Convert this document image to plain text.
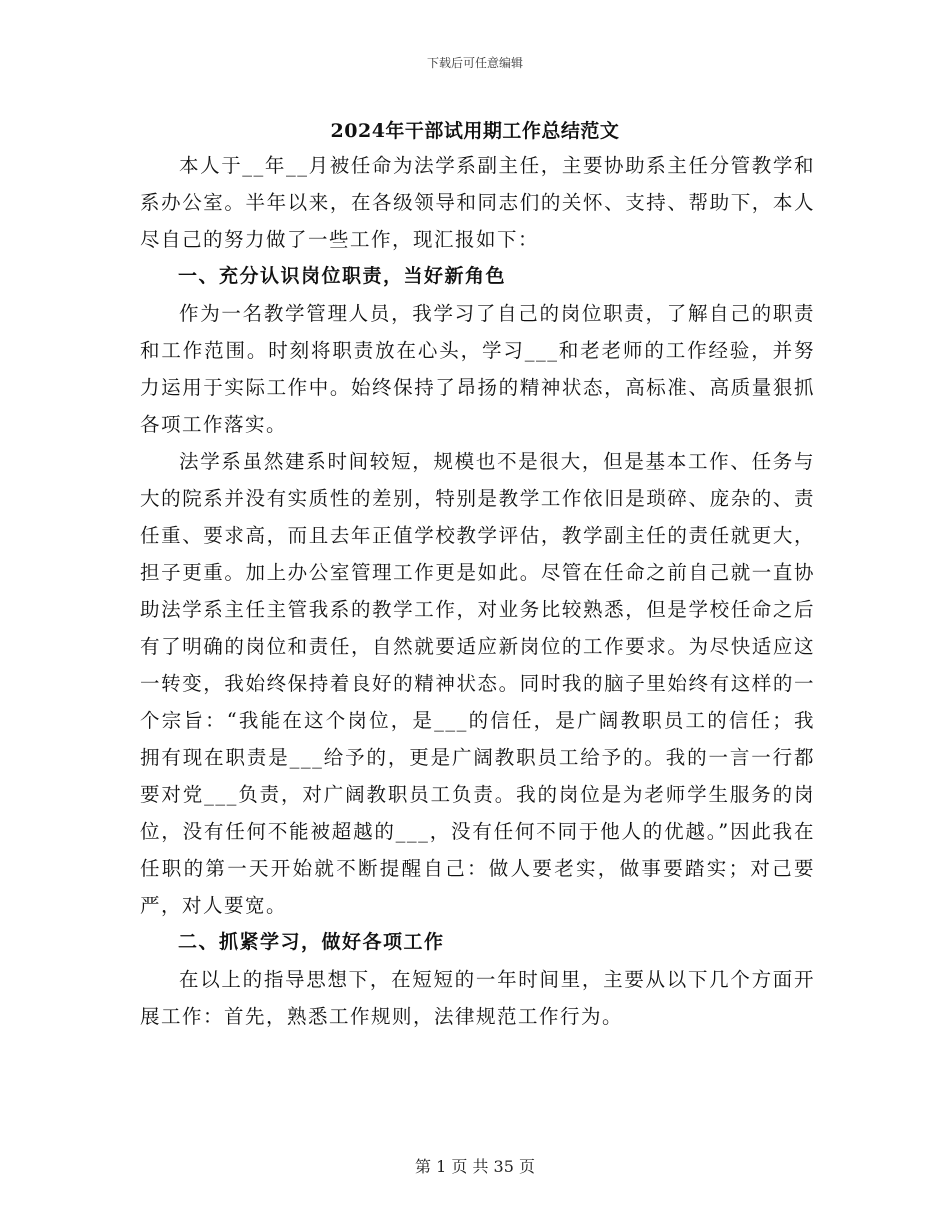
下载后可任意编辑
2024年干部试用期工作总结范文

本人于__年__月被任命为法学系副主任，主要协助系主任分管教学和系办公室。半年以来，在各级领导和同志们的关怀、支持、帮助下，本人尽自己的努力做了一些工作，现汇报如下：

一、充分认识岗位职责，当好新角色

作为一名教学管理人员，我学习了自己的岗位职责，了解自己的职责和工作范围。时刻将职责放在心头，学习___和老老师的工作经验，并努力运用于实际工作中。始终保持了昂扬的精神状态，高标准、高质量狠抓各项工作落实。

法学系虽然建系时间较短，规模也不是很大，但是基本工作、任务与大的院系并没有实质性的差别，特别是教学工作依旧是琐碎、庞杂的、责任重、要求高，而且去年正值学校教学评估，教学副主任的责任就更大，担子更重。加上办公室管理工作更是如此。尽管在任命之前自己就一直协助法学系主任主管我系的教学工作，对业务比较熟悉，但是学校任命之后有了明确的岗位和责任，自然就要适应新岗位的工作要求。为尽快适应这一转变，我始终保持着良好的精神状态。同时我的脑子里始终有这样的一个宗旨：“我能在这个岗位，是___的信任，是广阔教职员工的信任；我拥有现在职责是___给予的，更是广阔教职员工给予的。我的一言一行都要对党___负责，对广阔教职员工负责。我的岗位是为老师学生服务的岗位，没有任何不能被超越的___，没有任何不同于他人的优越。”因此我在任职的第一天开始就不断提醒自己：做人要老实，做事要踏实；对己要严，对人要宽。

二、抓紧学习，做好各项工作

在以上的指导思想下，在短短的一年时间里，主要从以下几个方面开展工作：首先，熟悉工作规则，法律规范工作行为。

第 1 页 共 35 页
